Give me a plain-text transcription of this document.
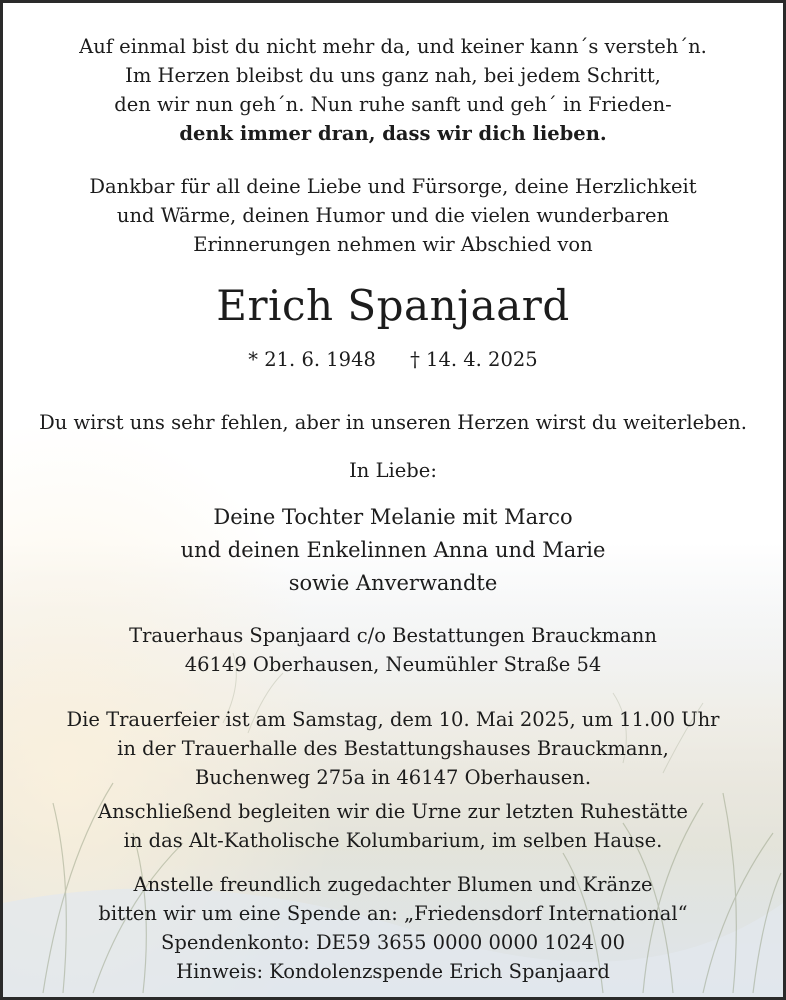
Auf einmal bist du nicht mehr da, und keiner kann´s versteh´n.
Im Herzen bleibst du uns ganz nah, bei jedem Schritt,
den wir nun geh´n. Nun ruhe sanft und geh´ in Frieden-
denk immer dran, dass wir dich lieben.
Dankbar für all deine Liebe und Fürsorge, deine Herzlichkeit
und Wärme, deinen Humor und die vielen wunderbaren
Erinnerungen nehmen wir Abschied von
Erich Spanjaard
* 21. 6. 1948 † 14. 4. 2025
Du wirst uns sehr fehlen, aber in unseren Herzen wirst du weiterleben.
In Liebe:
Deine Tochter Melanie mit Marco
und deinen Enkelinnen Anna und Marie
sowie Anverwandte
Trauerhaus Spanjaard c/o Bestattungen Brauckmann
46149 Oberhausen, Neumühler Straße 54
Die Trauerfeier ist am Samstag, dem 10. Mai 2025, um 11.00 Uhr
in der Trauerhalle des Bestattungshauses Brauckmann,
Buchenweg 275a in 46147 Oberhausen.
Anschließend begleiten wir die Urne zur letzten Ruhestätte
in das Alt-Katholische Kolumbarium, im selben Hause.
Anstelle freundlich zugedachter Blumen und Kränze
bitten wir um eine Spende an: „Friedensdorf International“
Spendenkonto: DE59 3655 0000 0000 1024 00
Hinweis: Kondolenzspende Erich Spanjaard
